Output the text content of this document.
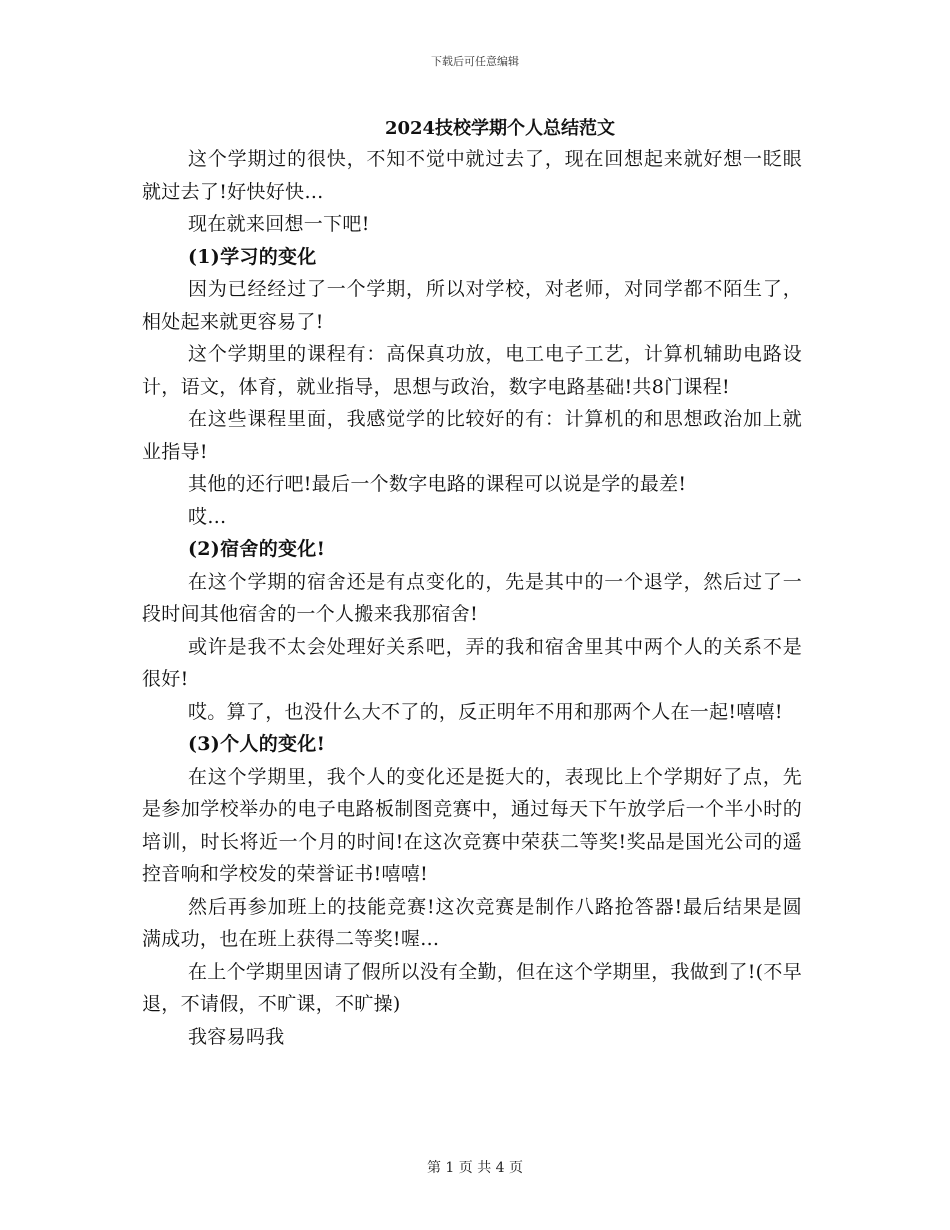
下载后可任意编辑
2024技校学期个人总结范文

这个学期过的很快，不知不觉中就过去了，现在回想起来就好想一眨眼就过去了!好快好快…

现在就来回想一下吧!

(1)学习的变化

因为已经经过了一个学期，所以对学校，对老师，对同学都不陌生了，相处起来就更容易了!

这个学期里的课程有：高保真功放，电工电子工艺，计算机辅助电路设计，语文，体育，就业指导，思想与政治，数字电路基础!共8门课程!

在这些课程里面，我感觉学的比较好的有：计算机的和思想政治加上就业指导!

其他的还行吧!最后一个数字电路的课程可以说是学的最差!

哎…

(2)宿舍的变化!

在这个学期的宿舍还是有点变化的，先是其中的一个退学，然后过了一段时间其他宿舍的一个人搬来我那宿舍!

或许是我不太会处理好关系吧，弄的我和宿舍里其中两个人的关系不是很好!

哎。算了，也没什么大不了的，反正明年不用和那两个人在一起!嘻嘻!

(3)个人的变化!

在这个学期里，我个人的变化还是挺大的，表现比上个学期好了点，先是参加学校举办的电子电路板制图竞赛中，通过每天下午放学后一个半小时的培训，时长将近一个月的时间!在这次竞赛中荣获二等奖!奖品是国光公司的遥控音响和学校发的荣誉证书!嘻嘻!

然后再参加班上的技能竞赛!这次竞赛是制作八路抢答器!最后结果是圆满成功，也在班上获得二等奖!喔…

在上个学期里因请了假所以没有全勤，但在这个学期里，我做到了!(不早退，不请假，不旷课，不旷操)

我容易吗我

第 1 页 共 4 页
